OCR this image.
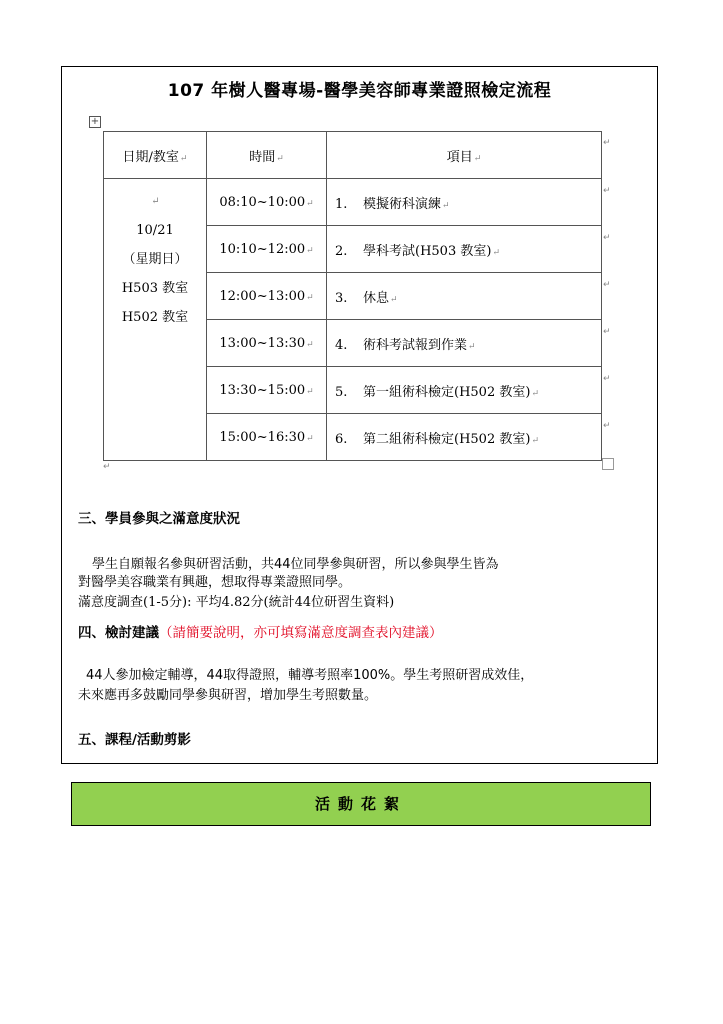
107 年樹人醫專場-醫學美容師專業證照檢定流程
+
日期/教室↵	時間↵	項目↵

↵
10/21
（星期日）
H503 教室
H502 教室	08:10~10:00↵	1. 模擬術科演練↵
	10:10~12:00↵	2. 學科考試(H503 教室)↵
	12:00~13:00↵	3. 休息↵
	13:00~13:30↵	4. 術科考試報到作業↵
	13:30~15:00↵	5. 第一組術科檢定(H502 教室)↵
	15:00~16:30↵	6. 第二組術科檢定(H502 教室)↵
↵
↵
↵
↵
↵
↵
↵
↵
三、學員參與之滿意度狀況
學生自願報名參與研習活動，共44位同學參與研習，所以參與學生皆為
對醫學美容職業有興趣，想取得專業證照同學。
滿意度調查(1-5分): 平均4.82分(統計44位研習生資料)
四、檢討建議（請簡要說明，亦可填寫滿意度調查表內建議）
44人參加檢定輔導，44取得證照，輔導考照率100%。學生考照研習成效佳，
未來應再多鼓勵同學參與研習，增加學生考照數量。
五、課程/活動剪影
活動花絮
